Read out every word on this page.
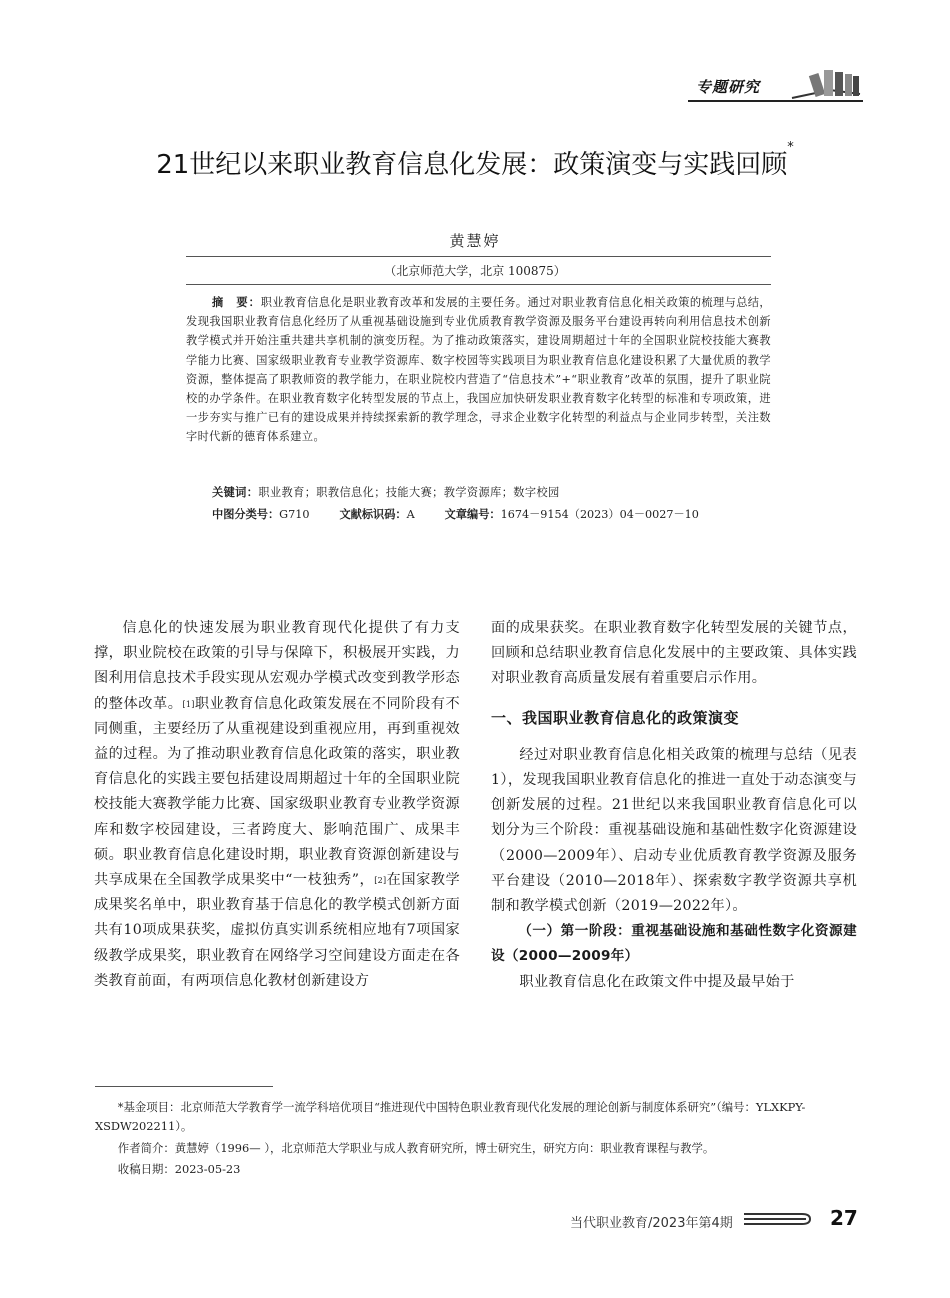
专题研究
21世纪以来职业教育信息化发展：政策演变与实践回顾*
黄慧婷
（北京师范大学，北京 100875）
摘　要：职业教育信息化是职业教育改革和发展的主要任务。通过对职业教育信息化相关政策的梳理与总结，发现我国职业教育信息化经历了从重视基础设施到专业优质教育教学资源及服务平台建设再转向利用信息技术创新教学模式并开始注重共建共享机制的演变历程。为了推动政策落实，建设周期超过十年的全国职业院校技能大赛教学能力比赛、国家级职业教育专业教学资源库、数字校园等实践项目为职业教育信息化建设积累了大量优质的教学资源，整体提高了职教师资的教学能力，在职业院校内营造了“信息技术”+“职业教育”改革的氛围，提升了职业院校的办学条件。在职业教育数字化转型发展的节点上，我国应加快研发职业教育数字化转型的标准和专项政策，进一步夯实与推广已有的建设成果并持续探索新的教学理念，寻求企业数字化转型的利益点与企业同步转型，关注数字时代新的德育体系建立。
关键词：职业教育；职教信息化；技能大赛；教学资源库；数字校园
中图分类号：G710	文献标识码：A	文章编号：1674－9154（2023）04－0027－10

信息化的快速发展为职业教育现代化提供了有力支撑，职业院校在政策的引导与保障下，积极展开实践，力图利用信息技术手段实现从宏观办学模式改变到教学形态的整体改革。[1]职业教育信息化政策发展在不同阶段有不同侧重，主要经历了从重视建设到重视应用，再到重视效益的过程。为了推动职业教育信息化政策的落实，职业教育信息化的实践主要包括建设周期超过十年的全国职业院校技能大赛教学能力比赛、国家级职业教育专业教学资源库和数字校园建设，三者跨度大、影响范围广、成果丰硕。职业教育信息化建设时期，职业教育资源创新建设与共享成果在全国教学成果奖中“一枝独秀”，[2]在国家教学成果奖名单中，职业教育基于信息化的教学模式创新方面共有10项成果获奖，虚拟仿真实训系统相应地有7项国家级教学成果奖，职业教育在网络学习空间建设方面走在各类教育前面，有两项信息化教材创新建设方

面的成果获奖。在职业教育数字化转型发展的关键节点，回顾和总结职业教育信息化发展中的主要政策、具体实践对职业教育高质量发展有着重要启示作用。

一、我国职业教育信息化的政策演变

经过对职业教育信息化相关政策的梳理与总结（见表1），发现我国职业教育信息化的推进一直处于动态演变与创新发展的过程。21世纪以来我国职业教育信息化可以划分为三个阶段：重视基础设施和基础性数字化资源建设（2000—2009年）、启动专业优质教育教学资源及服务平台建设（2010—2018年）、探索数字教学资源共享机制和教学模式创新（2019—2022年）。

（一）第一阶段：重视基础设施和基础性数字化资源建设（2000—2009年）

职业教育信息化在政策文件中提及最早始于

*基金项目：北京师范大学教育学一流学科培优项目“推进现代中国特色职业教育现代化发展的理论创新与制度体系研究”（编号：YLXKPY-XSDW202211）。
作者简介：黄慧婷（1996— ），北京师范大学职业与成人教育研究所，博士研究生，研究方向：职业教育课程与教学。
收稿日期：2023-05-23
当代职业教育/2023年第4期	27
